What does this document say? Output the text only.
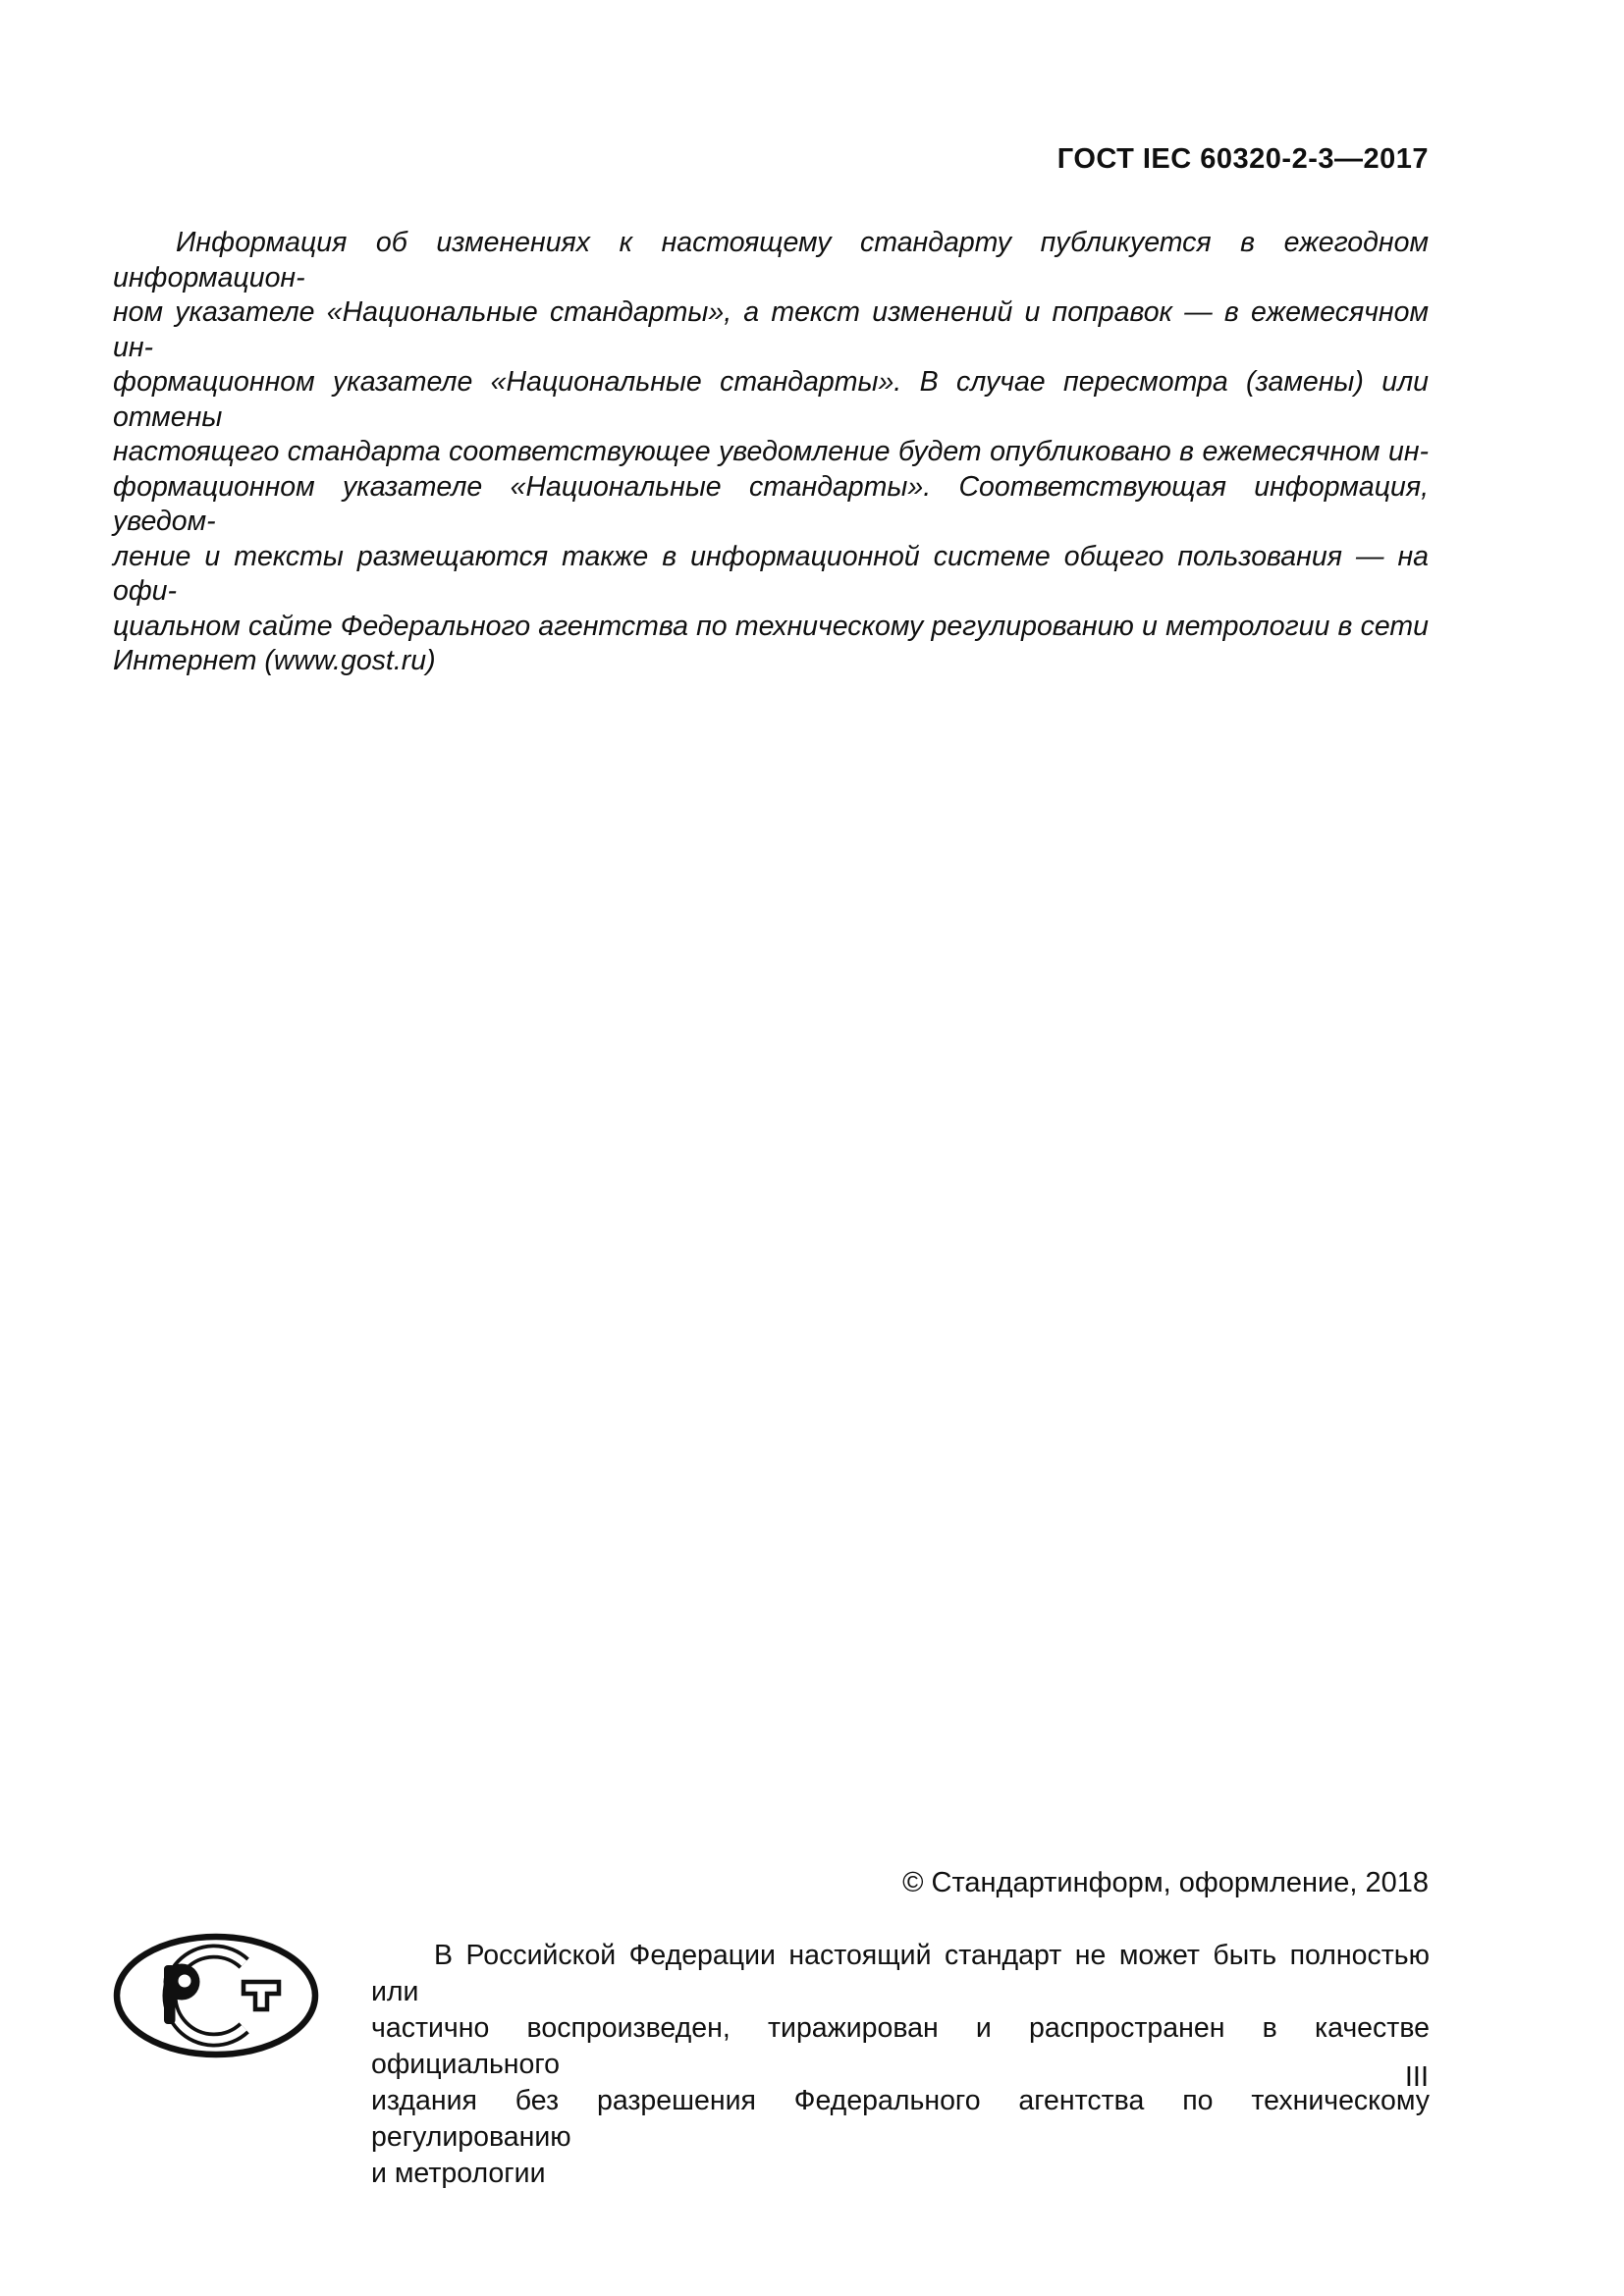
ГОСТ IEC 60320-2-3—2017
Информация об изменениях к настоящему стандарту публикуется в ежегодном информацион-
ном указателе «Национальные стандарты», а текст изменений и поправок — в ежемесячном ин-
формационном указателе «Национальные стандарты». В случае пересмотра (замены) или отмены
настоящего стандарта соответствующее уведомление будет опубликовано в ежемесячном ин-
формационном указателе «Национальные стандарты». Соответствующая информация, уведом-
ление и тексты размещаются также в информационной системе общего пользования — на офи-
циальном сайте Федерального агентства по техническому регулированию и метрологии в сети
Интернет (www.gost.ru)
© Стандартинформ, оформление, 2018
В Российской Федерации настоящий стандарт не может быть полностью или
частично воспроизведен, тиражирован и распространен в качестве официального
издания без разрешения Федерального агентства по техническому регулированию
и метрологии
III
